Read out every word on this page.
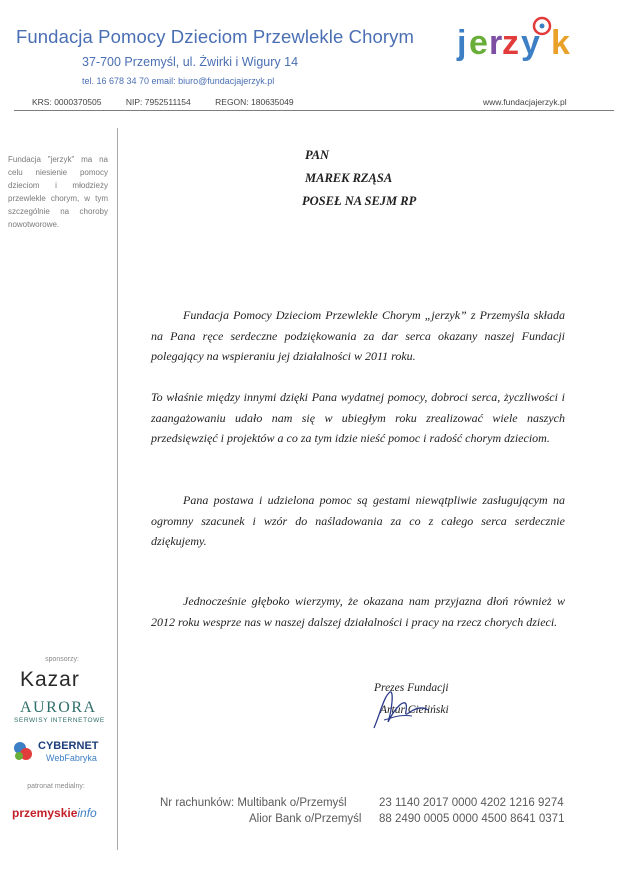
Fundacja Pomocy Dzieciom Przewlekle Chorym
37-700 Przemyśl, ul. Żwirki i Wigury 14
tel. 16 678 34 70 email: biuro@fundacjajerzyk.pl
KRS: 0000370505	NIP: 7952511154	REGON: 180635049	www.fundacjajerzyk.pl
j e r z y k
Fundacja "jerzyk" ma na celu niesienie pomocy dzieciom i młodzieży przewlekle chorym, w tym szczególnie na choroby nowotworowe.
sponsorzy:
Kazar
AURORA
SERWISY INTERNETOWE
CYBERNET
WebFabryka
patronat medialny:
przemyskieinfo
PAN
MAREK RZĄSA
POSEŁ NA SEJM RP
Fundacja Pomocy Dzieciom Przewlekle Chorym „jerzyk” z Przemyśla składa na Pana ręce serdeczne podziękowania za dar serca okazany naszej Fundacji polegający na wspieraniu jej działalności w 2011 roku.
To właśnie między innymi dzięki Pana wydatnej pomocy, dobroci serca, życzliwości i zaangażowaniu udało nam się w ubiegłym roku zrealizować wiele naszych przedsięwzięć i projektów a co za tym idzie nieść pomoc i radość chorym dzieciom.
Pana postawa i udzielona pomoc są gestami niewątpliwie zasługującym na ogromny szacunek i wzór do naśladowania za co z całego serca serdecznie dziękujemy.
Jednocześnie głęboko wierzymy, że okazana nam przyjazna dłoń również w 2012 roku wesprze nas w naszej dalszej działalności i pracy na rzecz chorych dzieci.
Prezes Fundacji
Artur Cieliński
Nr rachunków: Multibank o/Przemyśl	23 1140 2017 0000 4202 1216 9274
Alior Bank o/Przemyśl 88 2490 0005 0000 4500 8641 0371
